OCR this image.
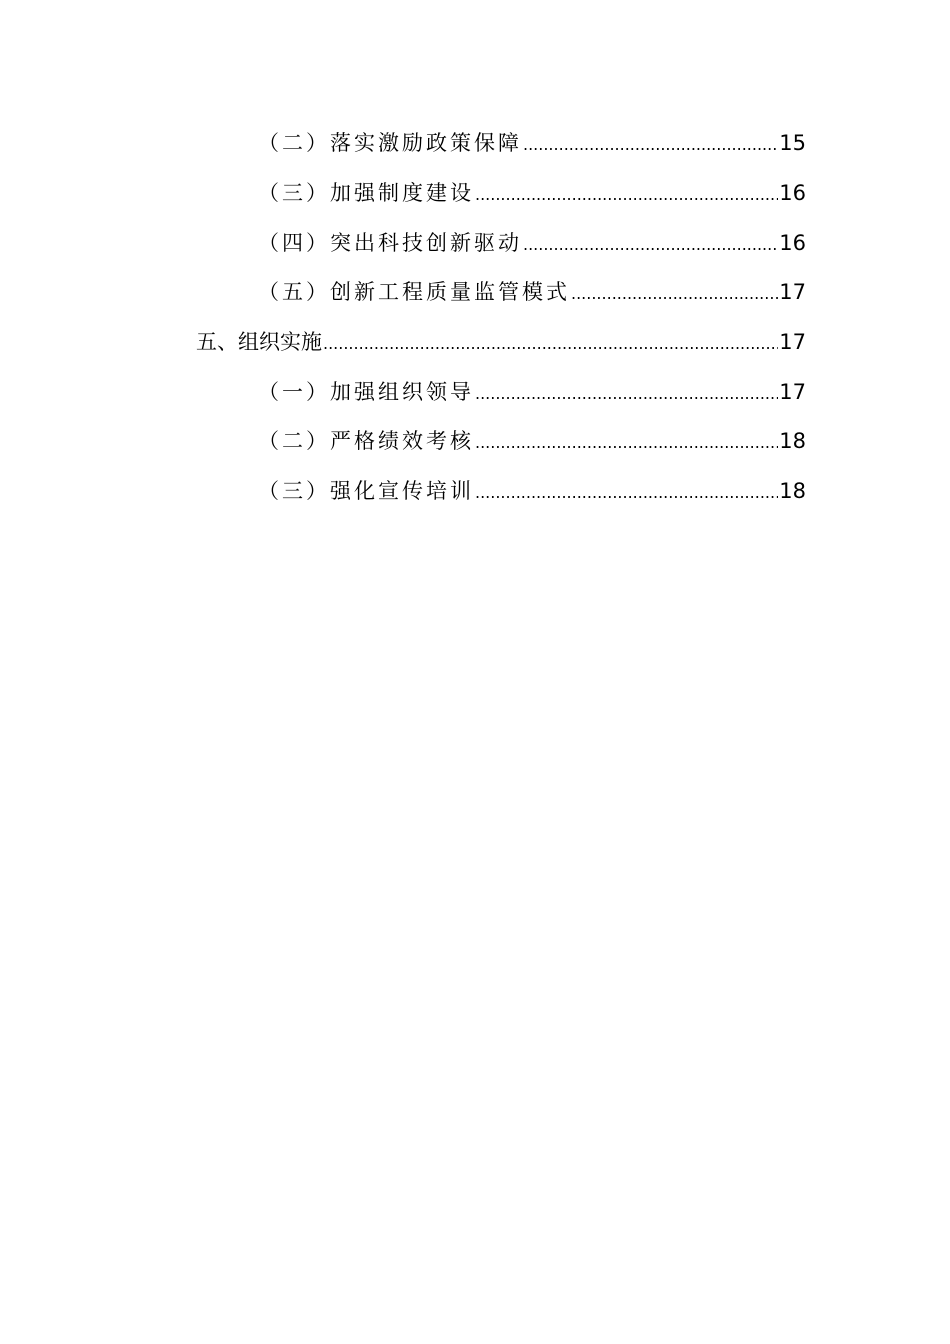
（二）落实激励政策保障 .....	15
（三）加强制度建设 .....	16
（四）突出科技创新驱动 .....	16
（五）创新工程质量监管模式 .....	17
五、组织实施 .....	17
（一）加强组织领导 .....	17
（二）严格绩效考核 .....	18
（三）强化宣传培训 .....	18
